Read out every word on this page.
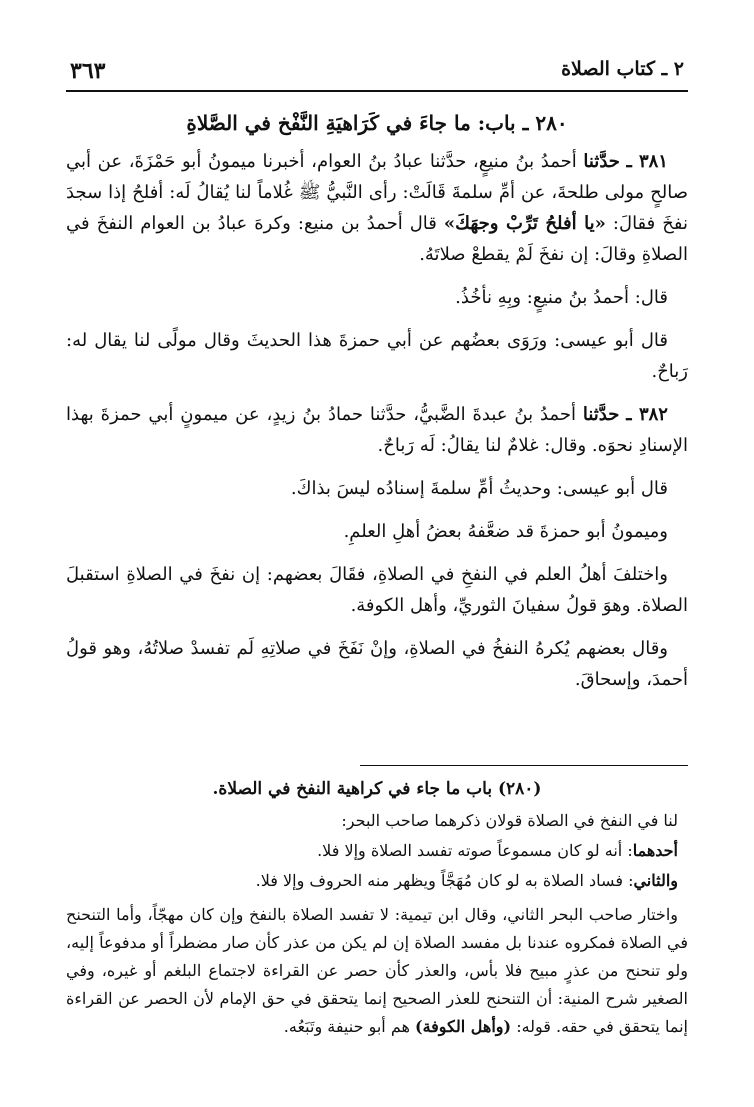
٢ ـ كتاب الصلاة
٣٦٣
٢٨٠ ـ باب: ما جاءَ في كَرَاهيَةِ النَّفْخ في الصَّلاةِ

٣٨١ ـ حدَّثنا أحمدُ بنُ منيعٍ، حدَّثنا عبادُ بنُ العوام، أخبرنا ميمونُ أبو حَمْزَةَ، عن أبي صالحٍ مولى طلحةَ، عن أمِّ سلمةَ قَالَتْ: رأى النَّبيُّ ﷺ غُلاماً لنا يُقالُ لَه: أفلحُ إذا سجدَ نفخَ فقالَ: «يا أفلحُ تَرِّبْ وجهَكَ» قال أحمدُ بن منيع: وكرهَ عبادُ بن العوام النفخَ في الصلاةِ وقالَ: إن نفخَ لَمْ يقطعْ صلاتَهُ.

قال: أحمدُ بنُ منيعٍ: وبِهِ نأخُذُ.

قال أبو عيسى: ورَوَى بعضُهم عن أبي حمزةَ هذا الحديثَ وقال مولًى لنا يقال له: رَباحٌ.

٣٨٢ ـ حدَّثنا أحمدُ بنُ عبدةَ الضَّبيُّ، حدَّثنا حمادُ بنُ زيدٍ، عن ميمونٍ أبي حمزةَ بهذا الإسنادِ نحوَه. وقال: غلامٌ لنا يقالُ: لَه رَباحٌ.

قال أبو عيسى: وحديثُ أمِّ سلمةَ إسنادُه ليسَ بذاكَ.

وميمونُ أبو حمزةَ قد ضعَّفهُ بعضُ أهلِ العلمِ.

واختلفَ أهلُ العلم في النفخِ في الصلاةِ، فقَالَ بعضهم: إن نفخَ في الصلاةِ استقبلَ الصلاة. وهوَ قولُ سفيانَ الثوريِّ، وأهل الكوفة.

وقال بعضهم يُكرهُ النفخُ في الصلاةِ، وإنْ نَفَخَ في صلاتِهِ لَم تفسدْ صلاتُهُ، وهو قولُ أحمدَ، وإسحاقَ.

(٢٨٠) باب ما جاء في كراهية النفخ في الصلاة.

لنا في النفخ في الصلاة قولان ذكرهما صاحب البحر:

أحدهما: أنه لو كان مسموعاً صوته تفسد الصلاة وإلا فلا.

والثاني: فساد الصلاة به لو كان مُهَجَّاً ويظهر منه الحروف وإلا فلا.

واختار صاحب البحر الثاني، وقال ابن تيمية: لا تفسد الصلاة بالنفخ وإن كان مهجّاً، وأما التنحنح في الصلاة فمكروه عندنا بل مفسد الصلاة إن لم يكن من عذر كأن صار مضطراً أو مدفوعاً إليه، ولو تنحنح من عذرٍ مبيح فلا بأس، والعذر كأن حصر عن القراءة لاجتماع البلغم أو غيره، وفي الصغير شرح المنية: أن التنحنح للعذر الصحيح إنما يتحقق في حق الإمام لأن الحصر عن القراءة إنما يتحقق في حقه. قوله: (وأهل الكوفة) هم أبو حنيفة وتَبَعُه.
